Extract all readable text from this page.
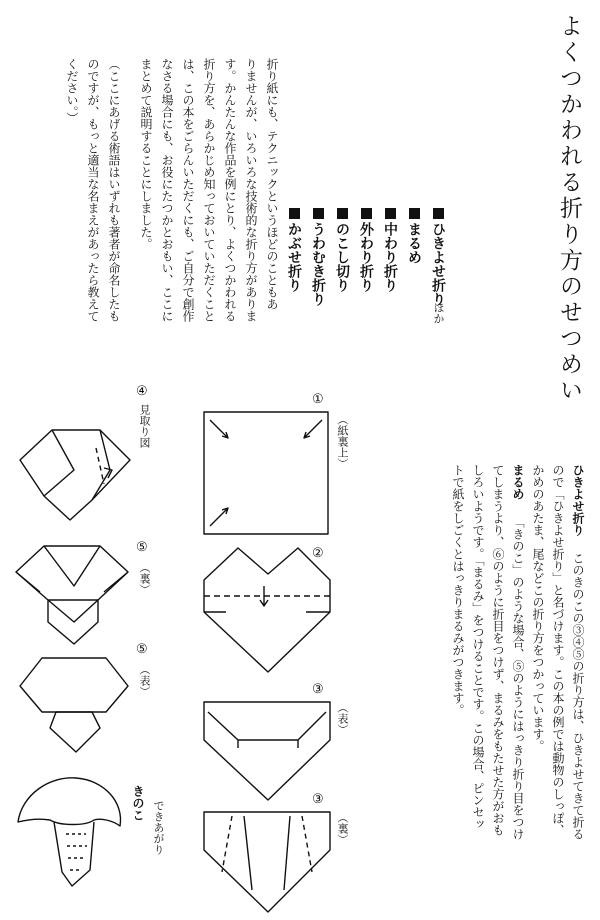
よくつかわれる折り方のせつめい
ひきよせ折り
まるめ
中わり折り
外わり折り
のこし切り
うわむき折り
かぶせ折り
ほか
折り紙にも、テクニックというほどのこともあ
りませんが、いろいろな技術的な折り方がありま
す。かんたんな作品を例にとり、よくつかわれる
折り方を、あらかじめ知っておいていただくこと
は、この本をごらんいただくにも、ご自分で創作
なさる場合にも、お役にたつかとおもい、ここに
まとめて説明することにしました。
（ここにあげる術語はいずれも著者が命名したも
のですが、もっと適当な名まえがあったら教えて
ください。）
ひきよせ折りこのきのこの③④⑤の折り方は、ひきよせてきて折る
ので「ひきよせ折り」と名づけます。この本の例では動物のしっぽ、
かめのあたま、尾などこの折り方をつかっています。
まるめ「きのこ」のような場合、⑤のようにはっきり折り目をつけ
てしまうより、⑥のように折目をつけず、まるみをもたせた方がおも
しろいようです。「まるみ」をつけることです。この場合、ピンセッ
トで紙をしごくとはっきりまるみがつきます。
①
（紙裏上）
②
③
（表）
③
（裏）
④
見取り図
⑤
（裏）
⑤
（表）
きのこ できあがり
